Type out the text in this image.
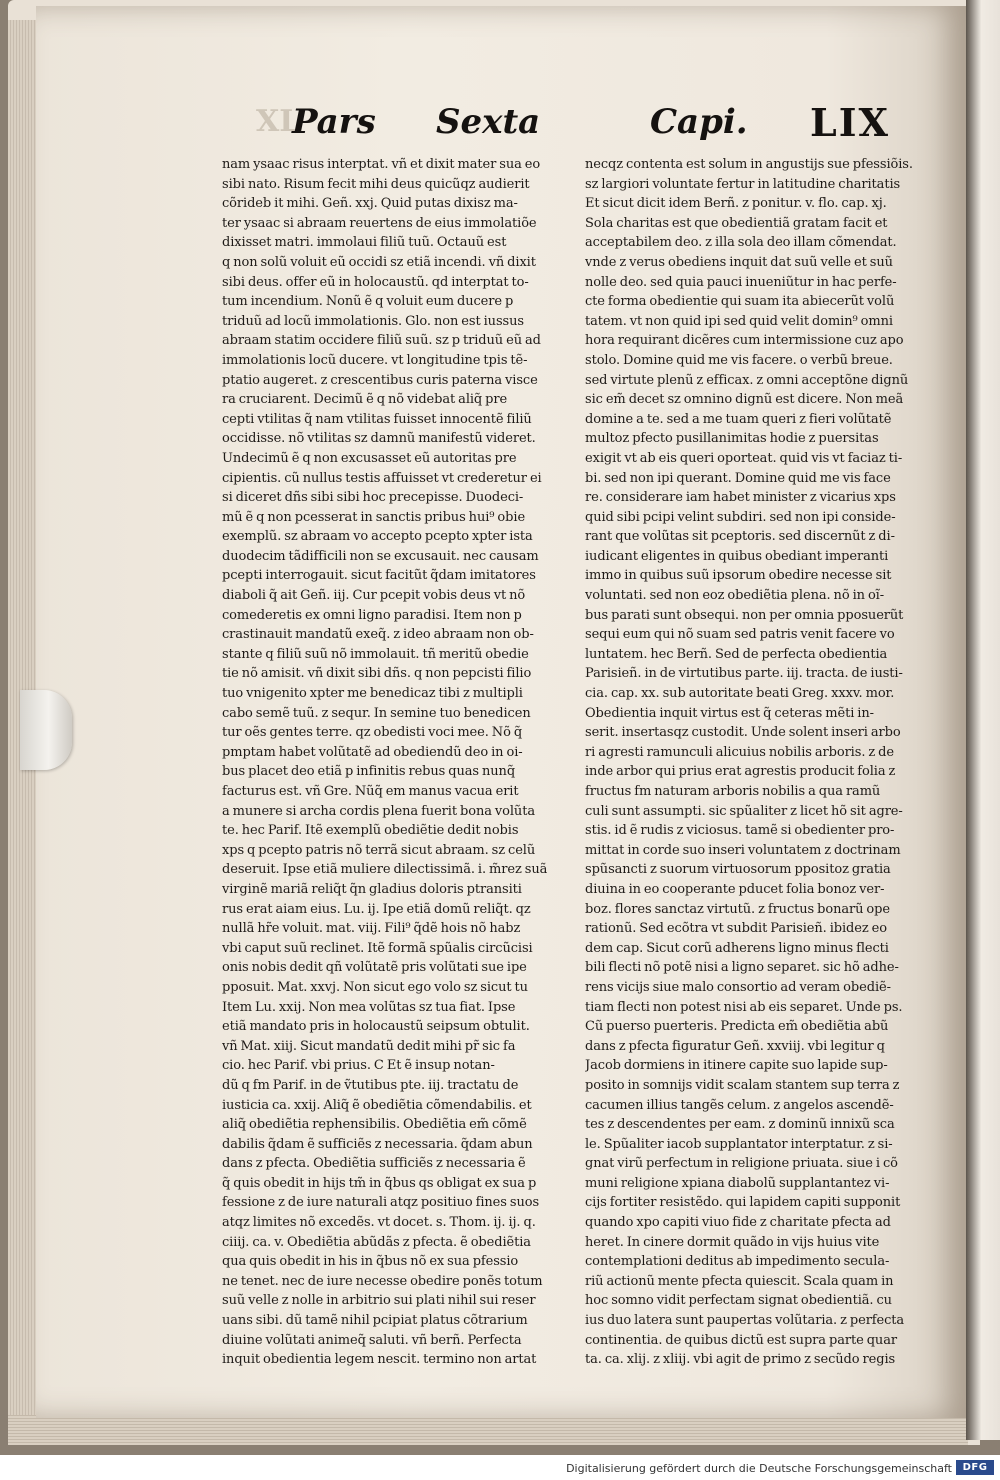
XL
Pars Sexta	Capi. LIX
nam ysaac risus interptat. vñ et dixit mater sua eo
sibi nato. Risum fecit mihi deus quicũqz audierit
cõrideb it mihi. Geñ. xxj. Quid putas dixisz ma-
ter ysaac si abraam reuertens de eius immolatiõe
dixisset matri. immolaui filiũ tuũ. Octauũ est
q non solũ voluit eũ occidi sz etiã incendi. vñ dixit
sibi deus. offer eũ in holocaustũ. qd interptat to-
tum incendium. Nonũ ẽ q voluit eum ducere p
triduũ ad locũ immolationis. Glo. non est iussus
abraam statim occidere filiũ suũ. sz p triduũ eũ ad
immolationis locũ ducere. vt longitudine tpis tẽ-
ptatio augeret. z crescentibus curis paterna visce
ra cruciarent. Decimũ ẽ q nõ videbat aliq̃ pre
cepti vtilitas q̃ nam vtilitas fuisset innocentẽ filiũ
occidisse. nõ vtilitas sz damnũ manifestũ videret.
Undecimũ ẽ q non excusasset eũ autoritas pre
cipientis. cũ nullus testis affuisset vt crederetur ei
si diceret dñs sibi sibi hoc precepisse. Duodeci-
mũ ẽ q non pcesserat in sanctis pribus hui⁹ obie
exemplũ. sz abraam vo accepto pcepto xpter ista
duodecim tãdifficili non se excusauit. nec causam
pcepti interrogauit. sicut facitũt q̃dam imitatores
diaboli q̃ ait Geñ. iij. Cur pcepit vobis deus vt nõ
comederetis ex omni ligno paradisi. Item non p
crastinauit mandatũ exeq̃. z ideo abraam non ob-
stante q filiũ suũ nõ immolauit. tñ meritũ obedie
tie nõ amisit. vñ dixit sibi dñs. q non pepcisti filio
tuo vnigenito xpter me benedicaz tibi z multipli
cabo semẽ tuũ. z sequr. In semine tuo benedicen
tur oẽs gentes terre. qz obedisti voci mee. Nõ q̃
pmptam habet volũtatẽ ad obediendũ deo in oi-
bus placet deo etiã p infinitis rebus quas nunq̃
facturus est. vñ Gre. Nũq̃ em manus vacua erit
a munere si archa cordis plena fuerit bona volũta
te. hec Parif. Itẽ exemplũ obediẽtie dedit nobis
xps q pcepto patris nõ terrã sicut abraam. sz celũ
deseruit. Ipse etiã muliere dilectissimã. i. m̃rez suã
virginẽ mariã reliq̃t q̃n gladius doloris ptransiti
rus erat aiam eius. Lu. ij. Ipe etiã domũ reliq̃t. qz
nullã hr̃e voluit. mat. viij. Fili⁹ q̃dẽ hois nõ habz
vbi caput suũ reclinet. Itẽ formã spũalis circũcisi
onis nobis dedit qñ volũtatẽ pris volũtati sue ipe
pposuit. Mat. xxvj. Non sicut ego volo sz sicut tu
Item Lu. xxij. Non mea volũtas sz tua fiat. Ipse
etiã mandato pris in holocaustũ seipsum obtulit.
vñ Mat. xiij. Sicut mandatũ dedit mihi pr̃ sic fa
cio. hec Parif. vbi prius. C Et ẽ insup notan-
dũ q fm Parif. in de ṽtutibus pte. iij. tractatu de
iusticia ca. xxij. Aliq̃ ẽ obediẽtia cõmendabilis. et
aliq̃ obediẽtia rephensibilis. Obediẽtia em̃ cõmẽ
dabilis q̃dam ẽ sufficiẽs z necessaria. q̃dam abun
dans z pfecta. Obediẽtia sufficiẽs z necessaria ẽ
q̃ quis obedit in hijs tm̃ in q̃bus qs obligat ex sua p
fessione z de iure naturali atqz positiuo fines suos
atqz limites nõ excedẽs. vt docet. s. Thom. ij. ij. q.
ciiij. ca. v. Obediẽtia abũdãs z pfecta. ẽ obediẽtia
qua quis obedit in his in q̃bus nõ ex sua pfessio
ne tenet. nec de iure necesse obedire ponẽs totum
suũ velle z nolle in arbitrio sui plati nihil sui reser
uans sibi. dũ tamẽ nihil pcipiat platus cõtrarium
diuine volũtati animeq̃ saluti. vñ berñ. Perfecta
inquit obedientia legem nescit. termino non artat
necqz contenta est solum in angustijs sue pfessiõis.
sz largiori voluntate fertur in latitudine charitatis
Et sicut dicit idem Berñ. z ponitur. v. flo. cap. xj.
Sola charitas est que obedientiã gratam facit et
acceptabilem deo. z illa sola deo illam cõmendat.
vnde z verus obediens inquit dat suũ velle et suũ
nolle deo. sed quia pauci inueniũtur in hac perfe-
cte forma obedientie qui suam ita abiecerũt volũ
tatem. vt non quid ipi sed quid velit domin⁹ omni
hora requirant dicẽres cum intermissione cuz apo
stolo. Domine quid me vis facere. o verbũ breue.
sed virtute plenũ z efficax. z omni acceptõne dignũ
sic em̃ decet sz omnino dignũ est dicere. Non meã
domine a te. sed a me tuam queri z fieri volũtatẽ
multoz pfecto pusillanimitas hodie z puersitas
exigit vt ab eis queri oporteat. quid vis vt faciaz ti-
bi. sed non ipi querant. Domine quid me vis face
re. considerare iam habet minister z vicarius xps
quid sibi pcipi velint subdiri. sed non ipi conside-
rant que volũtas sit pceptoris. sed discernũt z di-
iudicant eligentes in quibus obediant imperanti
immo in quibus suũ ipsorum obedire necesse sit
voluntati. sed non eoz obediẽtia plena. nõ in oĩ-
bus parati sunt obsequi. non per omnia pposuerũt
sequi eum qui nõ suam sed patris venit facere vo
luntatem. hec Berñ. Sed de perfecta obedientia
Parisieñ. in de virtutibus parte. iij. tracta. de iusti-
cia. cap. xx. sub autoritate beati Greg. xxxv. mor.
Obedientia inquit virtus est q̃ ceteras mẽti in-
serit. insertasqz custodit. Unde solent inseri arbo
ri agresti ramunculi alicuius nobilis arboris. z de
inde arbor qui prius erat agrestis producit folia z
fructus fm naturam arboris nobilis a qua ramũ
culi sunt assumpti. sic spũaliter z licet hõ sit agre-
stis. id ẽ rudis z viciosus. tamẽ si obedienter pro-
mittat in corde suo inseri voluntatem z doctrinam
spũsancti z suorum virtuosorum ppositoz gratia
diuina in eo cooperante pducet folia bonoz ver-
boz. flores sanctaz virtutũ. z fructus bonarũ ope
rationũ. Sed ecõtra vt subdit Parisieñ. ibidez eo
dem cap. Sicut corũ adherens ligno minus flecti
bili flecti nõ potẽ nisi a ligno separet. sic hõ adhe-
rens vicijs siue malo consortio ad veram obediẽ-
tiam flecti non potest nisi ab eis separet. Unde ps.
Cũ puerso puerteris. Predicta em̃ obediẽtia abũ
dans z pfecta figuratur Geñ. xxviij. vbi legitur q
Jacob dormiens in itinere capite suo lapide sup-
posito in somnijs vidit scalam stantem sup terra z
cacumen illius tangẽs celum. z angelos ascendẽ-
tes z descendentes per eam. z dominũ innixũ sca
le. Spũaliter iacob supplantator interptatur. z si-
gnat virũ perfectum in religione priuata. siue i cõ
muni religione xpiana diabolũ supplantantez vi-
cijs fortiter resistẽdo. qui lapidem capiti supponit
quando xpo capiti viuo fide z charitate pfecta ad
heret. In cinere dormit quãdo in vijs huius vite
contemplationi deditus ab impedimento secula-
riũ actionũ mente pfecta quiescit. Scala quam in
hoc somno vidit perfectam signat obedientiã. cu
ius duo latera sunt paupertas volũtaria. z perfecta
continentia. de quibus dictũ est supra parte quar
ta. ca. xlij. z xliij. vbi agit de primo z secũdo regis
Digitalisierung gefördert durch die Deutsche Forschungsgemeinschaft	DFG
